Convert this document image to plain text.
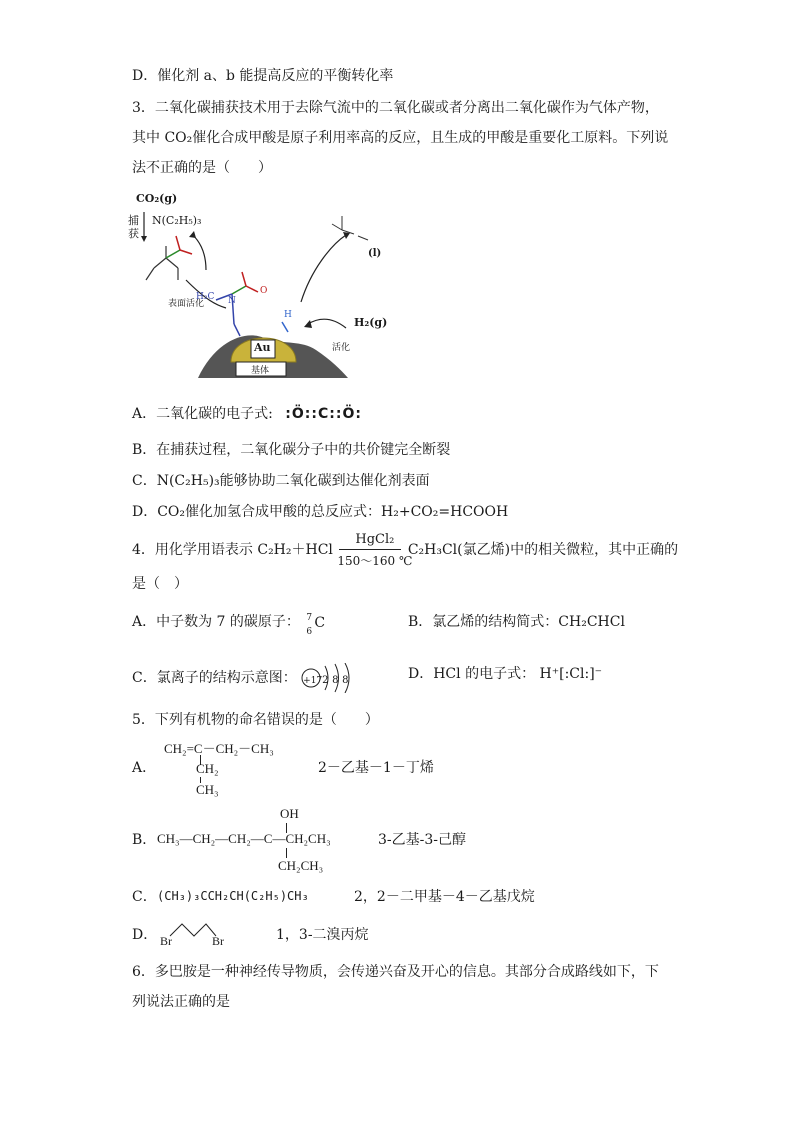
D．催化剂 a、b 能提高反应的平衡转化率
3．二氧化碳捕获技术用于去除气流中的二氧化碳或者分离出二氧化碳作为气体产物，
其中 CO₂催化合成甲酸是原子利用率高的反应，且生成的甲酸是重要化工原料。下列说
法不正确的是（　　）
CO₂(g)
N(C₂H₅)₃
捕获
表面活化
H₂(g)
活化
Au
基体
(l)
H₂C N
O
H
A．二氧化碳的电子式: :Ö::C::Ö:
B．在捕获过程，二氧化碳分子中的共价键完全断裂
C．N(C₂H₅)₃能够协助二氧化碳到达催化剂表面
D．CO₂催化加氢合成甲酸的总反应式：H₂+CO₂=HCOOH
4．用化学用语表示 C₂H₂＋HCl
HgCl₂
150～160 ℃
C₂H₃Cl(氯乙烯)中的相关微粒，其中正确的
是（　）
A．中子数为 7 的碳原子： 7
6
C	B．氯乙烯的结构简式：CH₂CHCl
C．氯离子的结构示意图： +17 2 8 8	D．HCl 的电子式： H⁺[:Cl:]⁻
5．下列有机物的命名错误的是（　　）
CH₂=C－CH₂－CH₃
A．	CH₂
CH₃
2－乙基－1－丁烯
OH
B． CH₃—CH₂—CH₂—C—CH₂CH₃
CH₂CH₃
3-乙基-3-己醇
C． (CH₃)₃CCH₂CH(C₂H₅)CH₃	2，2－二甲基－4－乙基戊烷
D． Br	Br	1，3-二溴丙烷
6．多巴胺是一种神经传导物质，会传递兴奋及开心的信息。其部分合成路线如下，下
列说法正确的是
